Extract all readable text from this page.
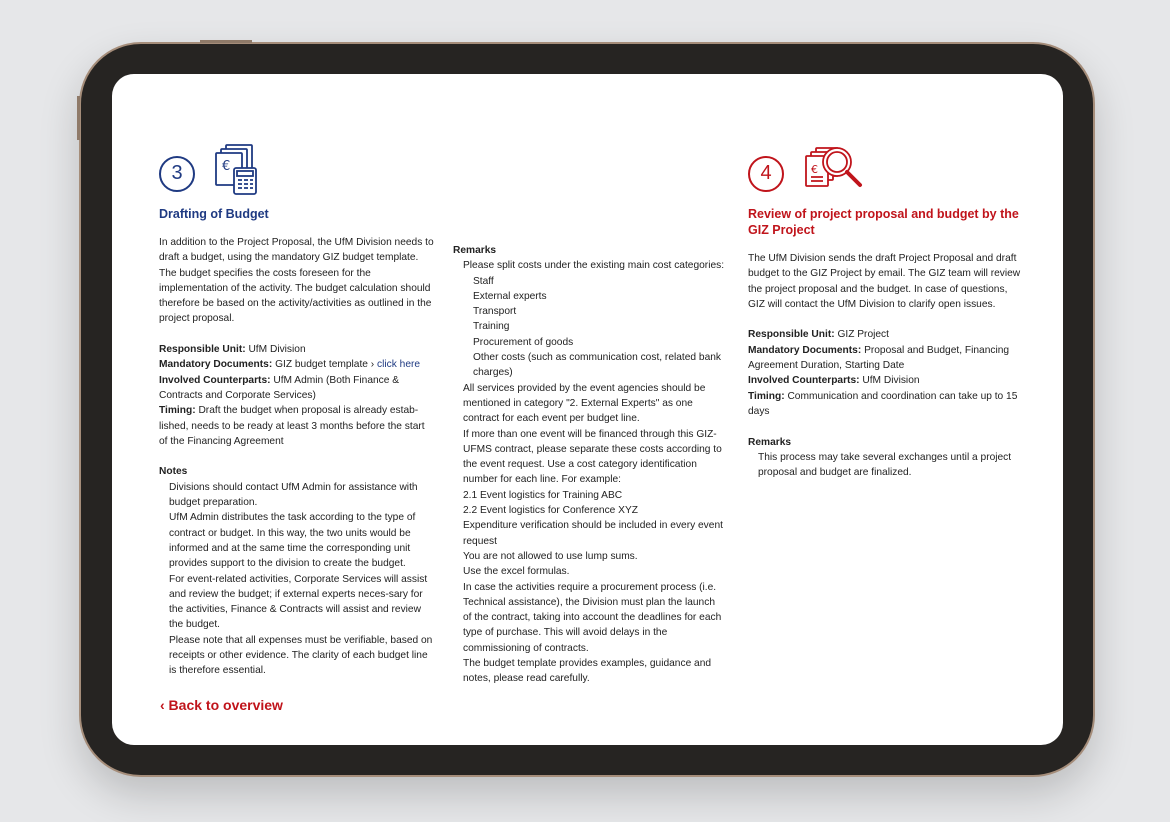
3	€
Drafting of Budget

In addition to the Project Proposal, the UfM Division needs to draft a budget, using the mandatory GIZ budget template. The budget specifies the costs foreseen for the implementation of the activity. The budget calculation should therefore be based on the activity/activities as outlined in the project proposal.

Responsible Unit: UfM Division
Mandatory Documents: GIZ budget template › click here
Involved Counterparts: UfM Admin (Both Finance & Contracts and Corporate Services)

Timing: Draft the budget when proposal is already estab-lished, needs to be ready at least 3 months before the start of the Financing Agreement

Notes
Divisions should contact UfM Admin for assistance with budget preparation.
UfM Admin distributes the task according to the type of contract or budget. In this way, the two units would be informed and at the same time the corresponding unit provides support to the division to create the budget.
For event-related activities, Corporate Services will assist and review the budget; if external experts neces-sary for the activities, Finance & Contracts will assist and review the budget.
Please note that all expenses must be verifiable, based on receipts or other evidence. The clarity of each budget line is therefore essential.
‹ Back to overview
Remarks
Please split costs under the existing main cost categories:
Staff
External experts
Transport
Training
Procurement of goods
Other costs (such as communication cost, related bank charges)
All services provided by the event agencies should be mentioned in category "2. External Experts" as one contract for each event per budget line.
If more than one event will be financed through this GIZ-UFMS contract, please separate these costs according to the event request. Use a cost category identification number for each line. For example:
2.1 Event logistics for Training ABC
2.2 Event logistics for Conference XYZ
Expenditure verification should be included in every event request
You are not allowed to use lump sums.
Use the excel formulas.
In case the activities require a procurement process (i.e. Technical assistance), the Division must plan the launch of the contract, taking into account the deadlines for each type of purchase. This will avoid delays in the commissioning of contracts.
The budget template provides examples, guidance and notes, please read carefully.
4	€
Review of project proposal and budget by the GIZ Project

The UfM Division sends the draft Project Proposal and draft budget to the GIZ Project by email. The GIZ team will review the project proposal and the budget. In case of questions, GIZ will contact the UfM Division to clarify open issues.

Responsible Unit: GIZ Project
Mandatory Documents: Proposal and Budget, Financing Agreement Duration, Starting Date
Involved Counterparts: UfM Division

Timing: Communication and coordination can take up to 15 days

Remarks
This process may take several exchanges until a project proposal and budget are finalized.
